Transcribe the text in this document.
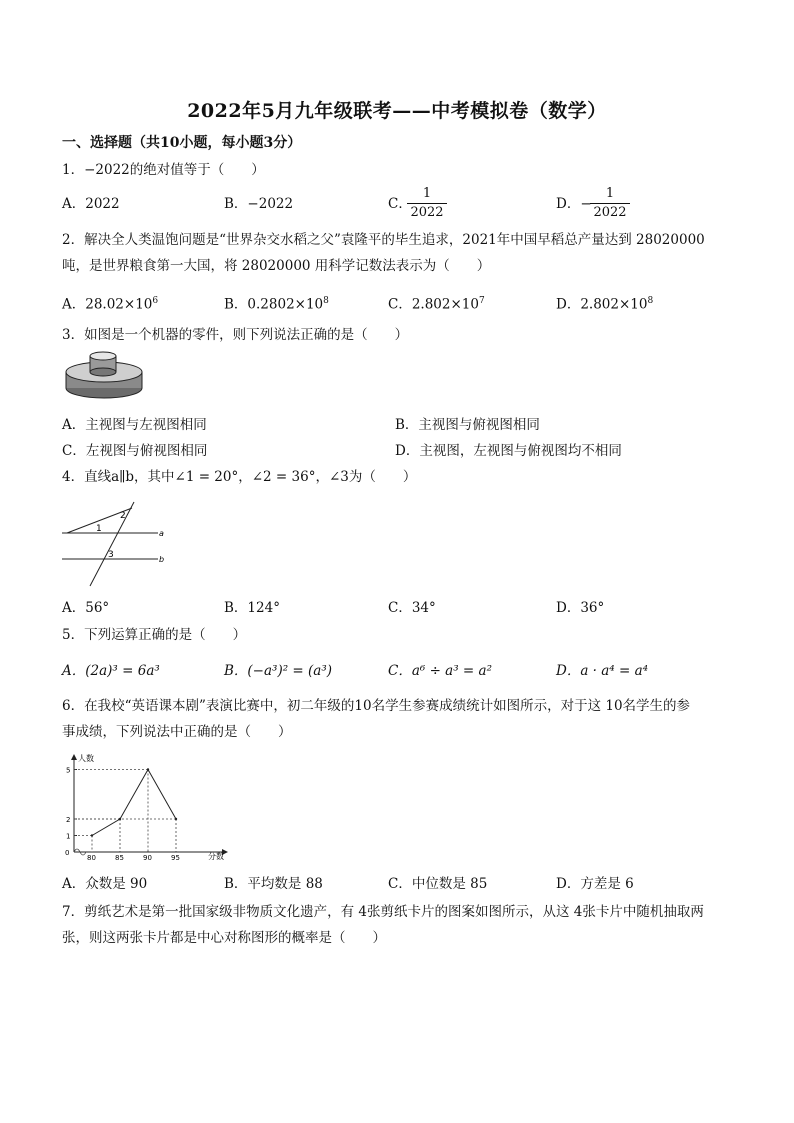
2022年5月九年级联考——中考模拟卷（数学）
一、选择题（共10小题，每小题3分）
1．−2022的绝对值等于（　　）
A．2022	B．−2022	C．
1
2022
D．−
1
2022
2．解决全人类温饱问题是“世界杂交水稻之父”袁隆平的毕生追求，2021年中国早稻总产量达到 28020000
吨，是世界粮食第一大国，将 28020000 用科学记数法表示为（　　）
A．$28.02\times 10^6$	B．$0.2802\times 10^8$	C．$2.802\times 10^7$	D．$2.802\times 10^8$
3．如图是一个机器的零件，则下列说法正确的是（　　）
A．主视图与左视图相同	B．主视图与俯视图相同
C．左视图与俯视图相同	D．主视图，左视图与俯视图均不相同
4．直线a∥b，其中∠1 = 20°，∠2 = 36°，∠3为（　　）
1
2
3
a
b
A．56°	B．124°	C．34°	D．36°
5．下列运算正确的是（　　）
A．(2a)³ = 6a³	B．(−a³)² = (a³)	C．a⁶ ÷ a³ = a²	D．a · a⁴ = a⁴
6．在我校“英语课本剧”表演比赛中，初二年级的10名学生参赛成绩统计如图所示，对于这 10名学生的参
事成绩，下列说法中正确的是（　　）
人数
分数
0
1
2
5
80	85	90	95
A．众数是 90	B．平均数是 88	C．中位数是 85	D．方差是 6
7．剪纸艺术是第一批国家级非物质文化遗产，有 4张剪纸卡片的图案如图所示，从这 4张卡片中随机抽取两
张，则这两张卡片都是中心对称图形的概率是（　　）
